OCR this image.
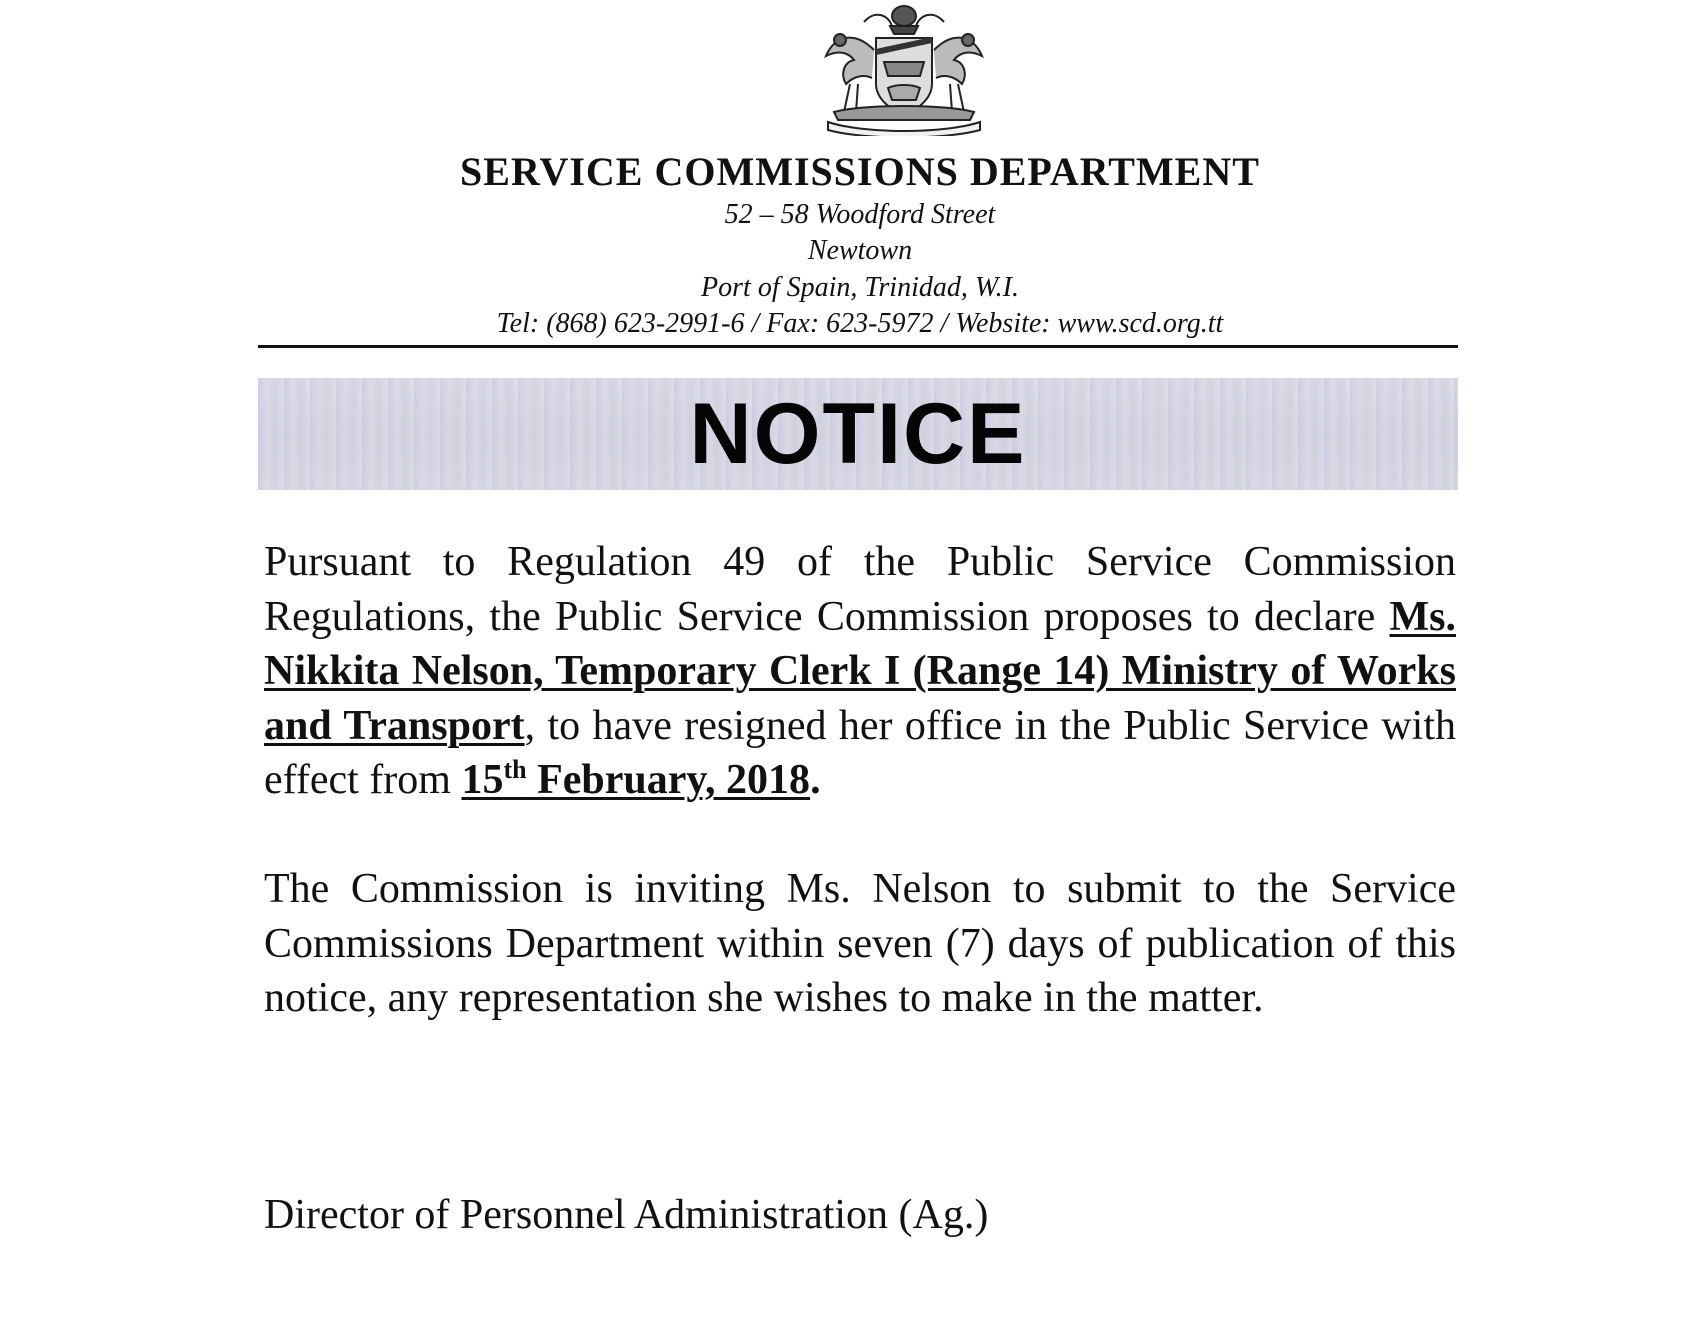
SERVICE COMMISSIONS DEPARTMENT
52 – 58 Woodford Street
Newtown
Port of Spain, Trinidad, W.I.
Tel: (868) 623-2991-6 / Fax: 623-5972 / Website: www.scd.org.tt
NOTICE
Pursuant to Regulation 49 of the Public Service Commission Regulations, the Public Service Commission proposes to declare Ms. Nikkita Nelson, Temporary Clerk I (Range 14) Ministry of Works and Transport, to have resigned her office in the Public Service with effect from 15th February, 2018.
The Commission is inviting Ms. Nelson to submit to the Service Commissions Department within seven (7) days of publication of this notice, any representation she wishes to make in the matter.
Director of Personnel Administration (Ag.)
